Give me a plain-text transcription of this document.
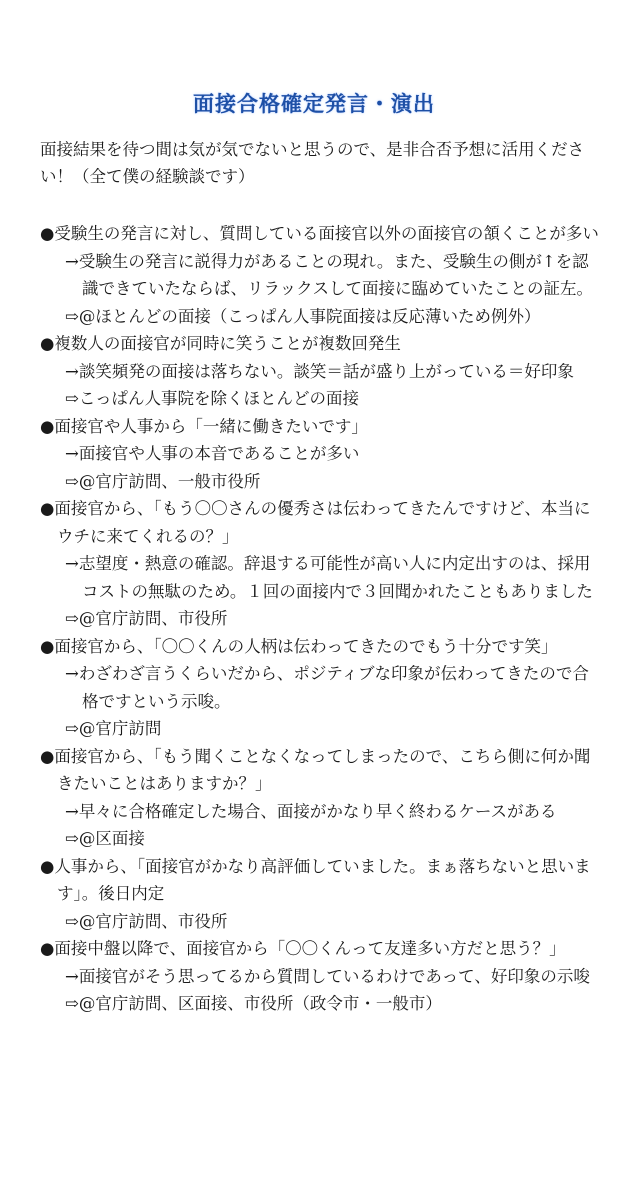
面接合格確定発言・演出
面接結果を待つ間は気が気でないと思うので、是非合否予想に活用ください！（全て僕の経験談です）
●受験生の発言に対し、質問している面接官以外の面接官の頷くことが多い
→受験生の発言に説得力があることの現れ。また、受験生の側が↑を認識できていたならば、リラックスして面接に臨めていたことの証左。
⇨@ほとんどの面接（こっぱん人事院面接は反応薄いため例外）
●複数人の面接官が同時に笑うことが複数回発生
→談笑頻発の面接は落ちない。談笑＝話が盛り上がっている＝好印象
⇨こっぱん人事院を除くほとんどの面接
●面接官や人事から「一緒に働きたいです」
→面接官や人事の本音であることが多い
⇨@官庁訪問、一般市役所
●面接官から、「もう〇〇さんの優秀さは伝わってきたんですけど、本当にウチに来てくれるの？」
→志望度・熱意の確認。辞退する可能性が高い人に内定出すのは、採用コストの無駄のため。１回の面接内で３回聞かれたこともありました
⇨@官庁訪問、市役所
●面接官から、「〇〇くんの人柄は伝わってきたのでもう十分です笑」
→わざわざ言うくらいだから、ポジティブな印象が伝わってきたので合格ですという示唆。
⇨@官庁訪問
●面接官から、「もう聞くことなくなってしまったので、こちら側に何か聞きたいことはありますか？」
→早々に合格確定した場合、面接がかなり早く終わるケースがある
⇨@区面接
●人事から、「面接官がかなり高評価していました。まぁ落ちないと思います」。後日内定
⇨@官庁訪問、市役所
●面接中盤以降で、面接官から「〇〇くんって友達多い方だと思う？」
→面接官がそう思ってるから質問しているわけであって、好印象の示唆
⇨@官庁訪問、区面接、市役所（政令市・一般市）
